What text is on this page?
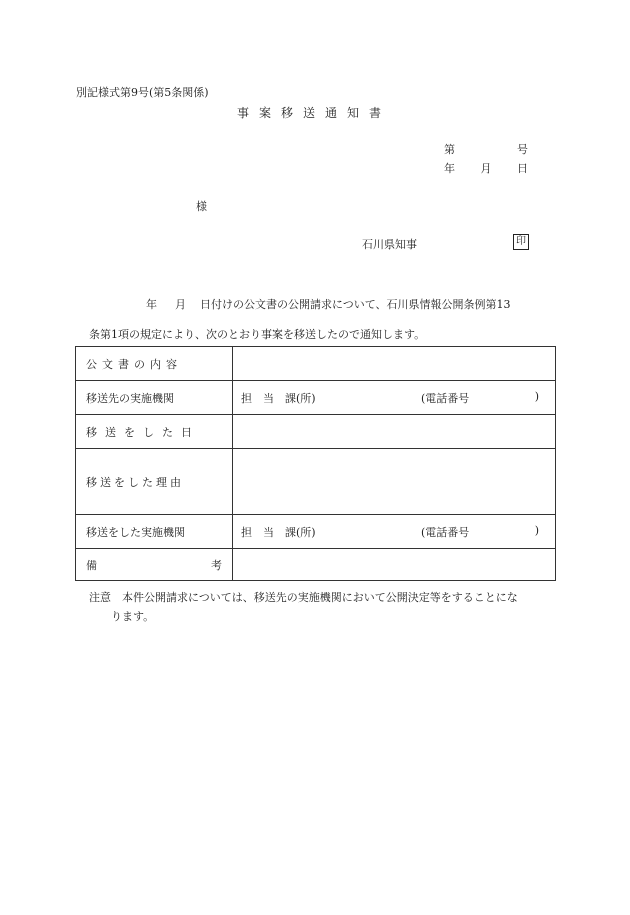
別記様式第9号(第5条関係)
事案移送通知書
第	号
年 月 日
様
石川県知事	印
年 月 日付けの公文書の公開請求について、石川県情報公開条例第13
条第1項の規定により、次のとおり事案を移送したので通知します。
公文書の内容	
移送先の実施機関	担　当　課(所) (電話番号 )

移送をした日	
移送をした理由	
移送をした実施機関	担　当　課(所) (電話番号 )

備 考	

注意　本件公開請求については、移送先の実施機関において公開決定等をすることにな
ります。
